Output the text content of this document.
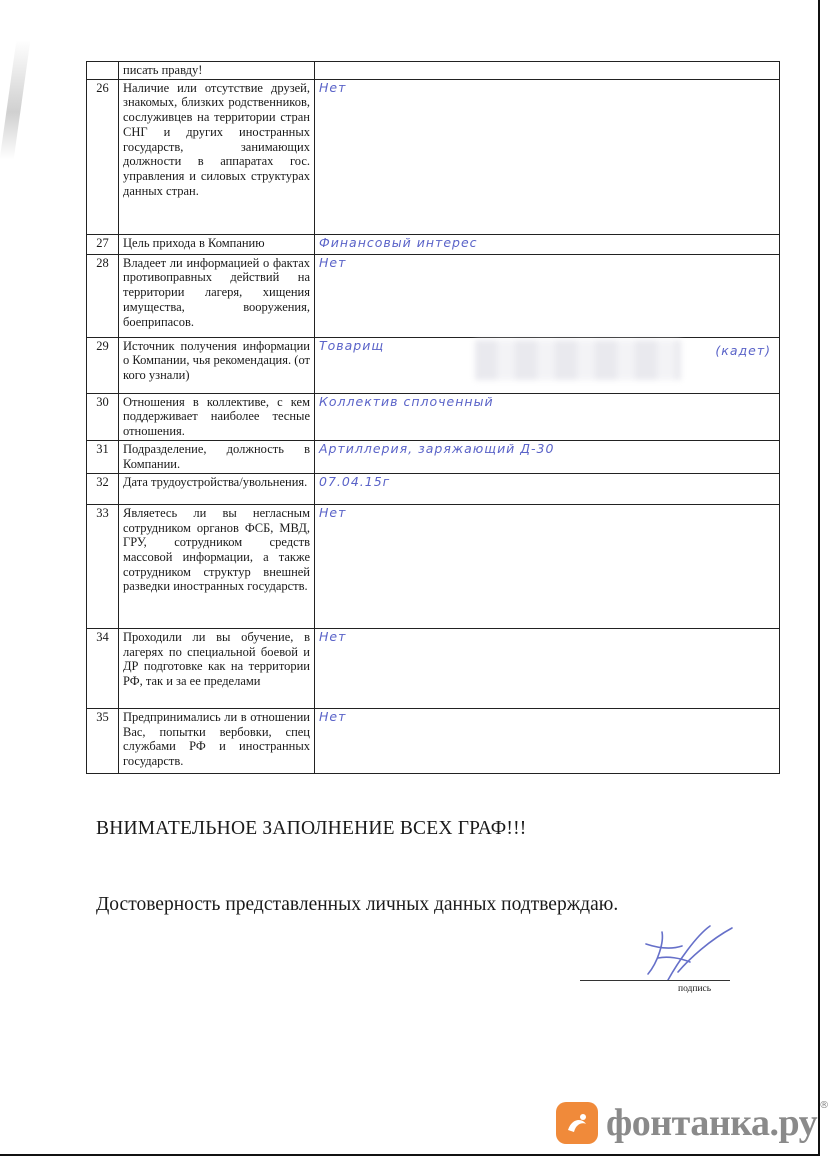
	писать правду!	
26	Наличие или отсутствие друзей, знакомых, близких родственников, сослуживцев на территории стран СНГ и других иностранных государств, занимающих должности в аппаратах гос. управления и силовых структурах данных стран.	Нет
27	Цель прихода в Компанию	Финансовый интерес
28	Владеет ли информацией о фактах противоправных действий на территории лагеря, хищения имущества, вооружения, боеприпасов.	Нет
29	Источник получения информации о Компании, чья рекомендация. (от кого узнали)	Товарищ (кадет)

30	Отношения в коллективе, с кем поддерживает наиболее тесные отношения.	Коллектив сплоченный
31	Подразделение, должность в Компании.	Артиллерия, заряжающий Д-30
32	Дата трудоустройства/увольнения.	07.04.15г
33	Являетесь ли вы негласным сотрудником органов ФСБ, МВД, ГРУ, сотрудником средств массовой информации, а также сотрудником структур внешней разведки иностранных государств.	Нет
34	Проходили ли вы обучение, в лагерях по специальной боевой и ДР подготовке как на территории РФ, так и за ее пределами	Нет
35	Предпринимались ли в отношении Вас, попытки вербовки, спец службами РФ и иностранных государств.	Нет
ВНИМАТЕЛЬНОЕ ЗАПОЛНЕНИЕ ВСЕХ ГРАФ!!!
Достоверность представленных личных данных подтверждаю.
подпись
фонтанка.ру ®
